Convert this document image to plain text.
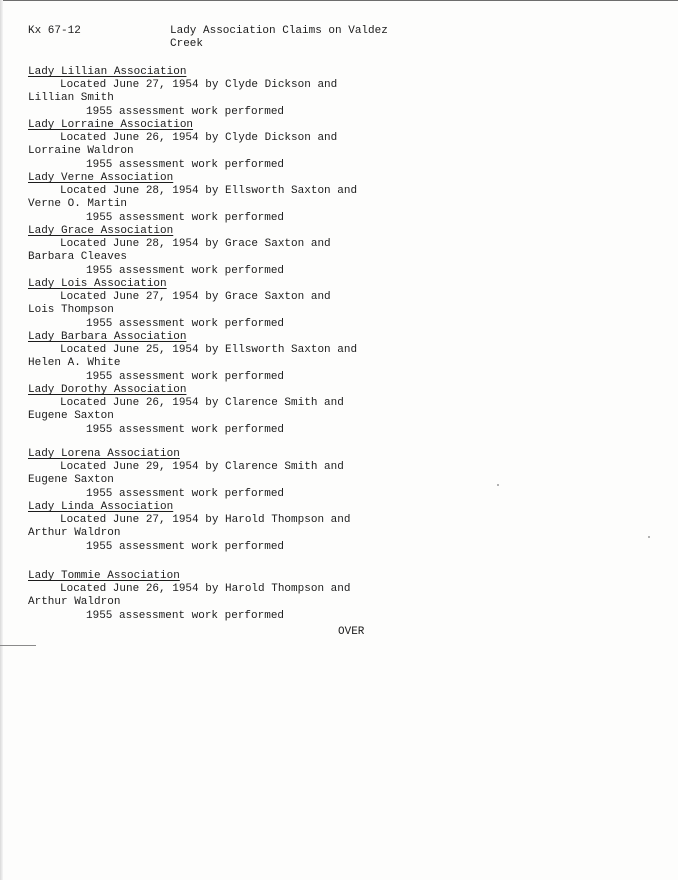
Kx 67-12	Lady Association Claims on Valdez
Creek
Lady Lillian Association
Located June 27, 1954 by Clyde Dickson and
Lillian Smith
1955 assessment work performed
Lady Lorraine Association
Located June 26, 1954 by Clyde Dickson and
Lorraine Waldron
1955 assessment work performed
Lady Verne Association
Located June 28, 1954 by Ellsworth Saxton and
Verne O. Martin
1955 assessment work performed
Lady Grace Association
Located June 28, 1954 by Grace Saxton and
Barbara Cleaves
1955 assessment work performed
Lady Lois Association
Located June 27, 1954 by Grace Saxton and
Lois Thompson
1955 assessment work performed
Lady Barbara Association
Located June 25, 1954 by Ellsworth Saxton and
Helen A. White
1955 assessment work performed
Lady Dorothy Association
Located June 26, 1954 by Clarence Smith and
Eugene Saxton
1955 assessment work performed
Lady Lorena Association
Located June 29, 1954 by Clarence Smith and
Eugene Saxton
1955 assessment work performed
Lady Linda Association
Located June 27, 1954 by Harold Thompson and
Arthur Waldron
1955 assessment work performed
Lady Tommie Association
Located June 26, 1954 by Harold Thompson and
Arthur Waldron
1955 assessment work performed
OVER
